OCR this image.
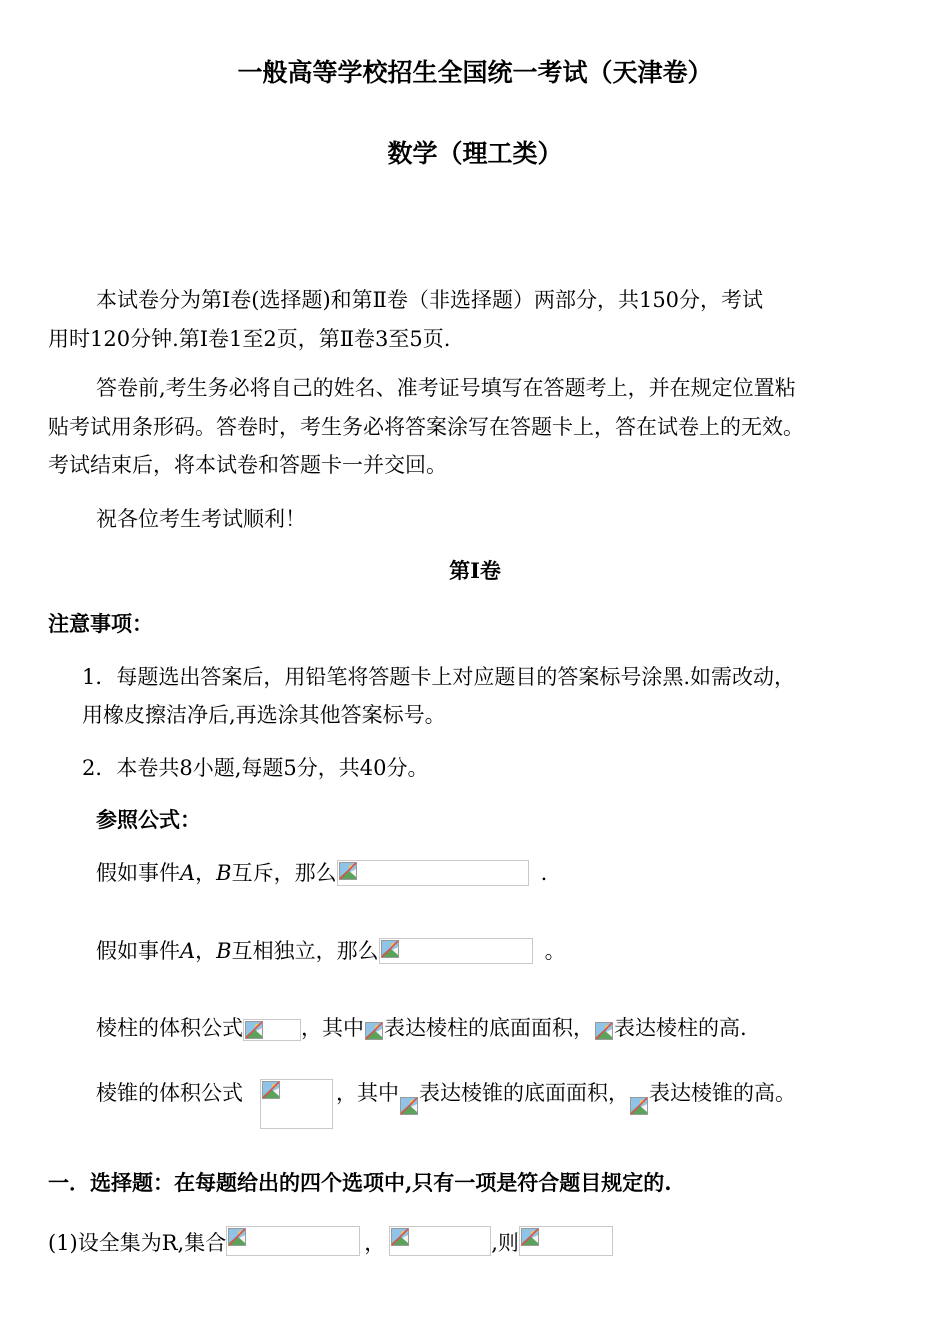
一般高等学校招生全国统一考试（天津卷）
数学（理工类）
本试卷分为第Ⅰ卷(选择题)和第Ⅱ卷（非选择题）两部分，共150分，考试
用时120分钟.第Ⅰ卷1至2页，第Ⅱ卷3至5页.
答卷前,考生务必将自己的姓名、准考证号填写在答题考上，并在规定位置粘
贴考试用条形码。答卷时，考生务必将答案涂写在答题卡上，答在试卷上的无效。
考试结束后，将本试卷和答题卡一并交回。
祝各位考生考试顺利！
第Ⅰ卷
注意事项：
1．每题选出答案后，用铅笔将答题卡上对应题目的答案标号涂黑.如需改动，
用橡皮擦洁净后,再选涂其他答案标号。
2．本卷共8小题,每题5分，共40分。
参照公式：
假如事件A，B互斥，那么	.
假如事件A，B互相独立，那么	。
棱柱的体积公式	，其中 表达棱柱的底面面积， 表达棱柱的高.
棱锥的体积公式	，其中 表达棱锥的底面面积， 表达棱锥的高。
一．选择题：在每题给出的四个选项中,只有一项是符合题目规定的.
(1)设全集为R,集合	，	,则
